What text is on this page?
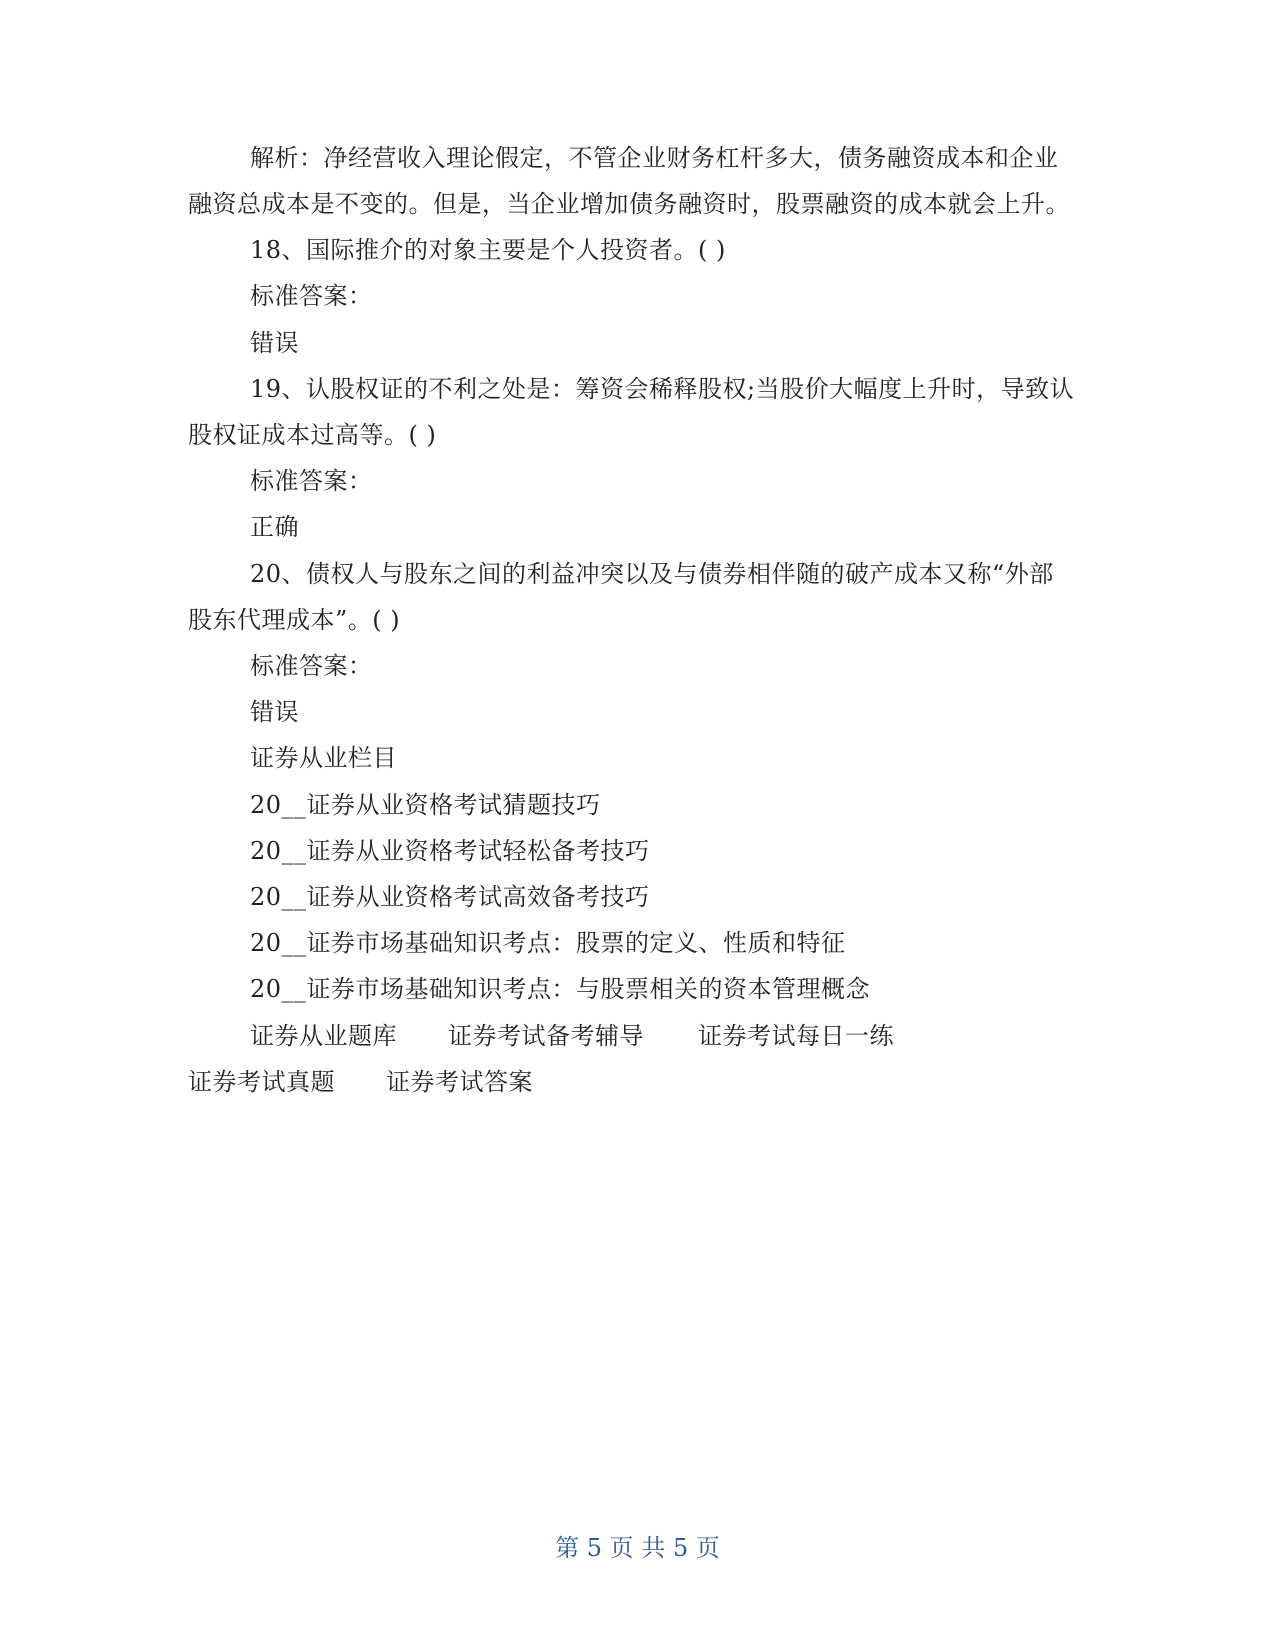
解析：净经营收入理论假定，不管企业财务杠杆多大，债务融资成本和企业
融资总成本是不变的。但是，当企业增加债务融资时，股票融资的成本就会上升。
18、国际推介的对象主要是个人投资者。( )
标准答案：
错误
19、认股权证的不利之处是：筹资会稀释股权;当股价大幅度上升时，导致认
股权证成本过高等。( )
标准答案：
正确
20、债权人与股东之间的利益冲突以及与债券相伴随的破产成本又称“外部
股东代理成本”。( )
标准答案：
错误
证券从业栏目
20__证券从业资格考试猜题技巧
20__证券从业资格考试轻松备考技巧
20__证券从业资格考试高效备考技巧
20__证券市场基础知识考点：股票的定义、性质和特征
20__证券市场基础知识考点：与股票相关的资本管理概念
证券从业题库 证券考试备考辅导 证券考试每日一练
证券考试真题 证券考试答案
第 5 页 共 5 页
